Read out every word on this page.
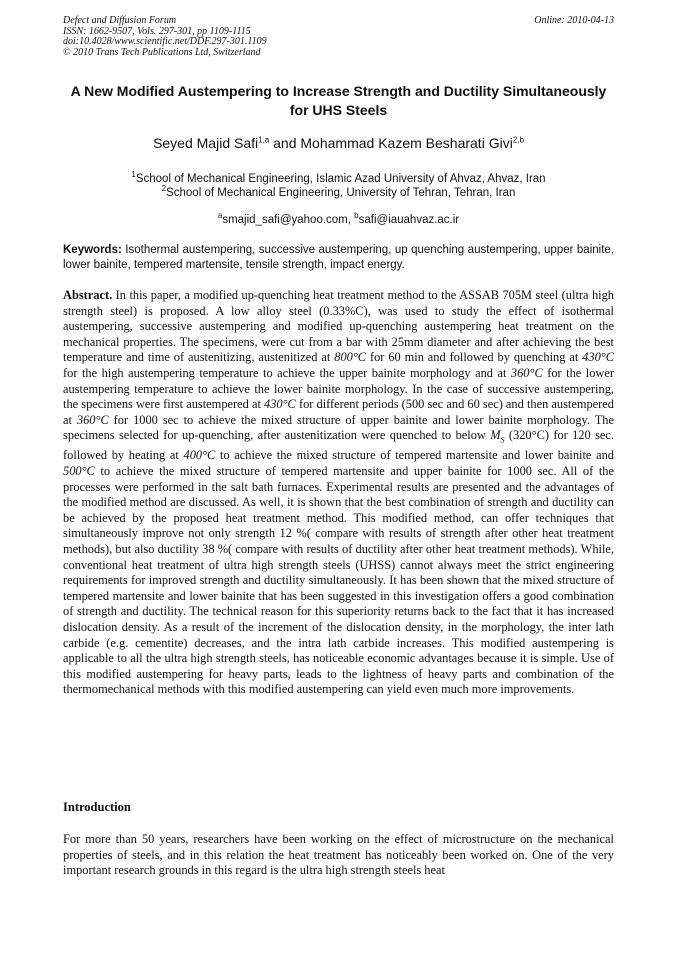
Defect and Diffusion Forum
ISSN: 1662-9507, Vols. 297-301, pp 1109-1115
doi:10.4028/www.scientific.net/DDF.297-301.1109
© 2010 Trans Tech Publications Ltd, Switzerland
Online: 2010-04-13
A New Modified Austempering to Increase Strength and Ductility Simultaneously for UHS Steels
Seyed Majid Safi$^{1,a}$ and Mohammad Kazem Besharati Givi$^{2,b}$
$^1$School of Mechanical Engineering, Islamic Azad University of Ahvaz, Ahvaz, Iran
$^2$School of Mechanical Engineering, University of Tehran, Tehran, Iran
$^a$smajid_safi@yahoo.com, $^b$safi@iauahvaz.ac.ir
Keywords: Isothermal austempering, successive austempering, up quenching austempering, upper bainite, lower bainite, tempered martensite, tensile strength, impact energy.
Abstract. In this paper, a modified up-quenching heat treatment method to the ASSAB 705M steel (ultra high strength steel) is proposed. A low alloy steel (0.33%C), was used to study the effect of isothermal austempering, successive austempering and modified up-quenching austempering heat treatment on the mechanical properties. The specimens, were cut from a bar with 25mm diameter and after achieving the best temperature and time of austenitizing, austenitized at 800°C for 60 min and followed by quenching at 430°C for the high austempering temperature to achieve the upper bainite morphology and at 360°C for the lower austempering temperature to achieve the lower bainite morphology. In the case of successive austempering, the specimens were first austempered at 430°C for different periods (500 sec and 60 sec) and then austempered at 360°C for 1000 sec to achieve the mixed structure of upper bainite and lower bainite morphology. The specimens selected for up-quenching, after austenitization were quenched to below $M_S$ (320°C) for 120 sec. followed by heating at 400°C to achieve the mixed structure of tempered martensite and lower bainite and 500°C to achieve the mixed structure of tempered martensite and upper bainite for 1000 sec. All of the processes were performed in the salt bath furnaces. Experimental results are presented and the advantages of the modified method are discussed. As well, it is shown that the best combination of strength and ductility can be achieved by the proposed heat treatment method. This modified method, can offer techniques that simultaneously improve not only strength 12 %( compare with results of strength after other heat treatment methods), but also ductility 38 %( compare with results of ductility after other heat treatment methods). While, conventional heat treatment of ultra high strength steels (UHSS) cannot always meet the strict engineering requirements for improved strength and ductility simultaneously. It has been shown that the mixed structure of tempered martensite and lower bainite that has been suggested in this investigation offers a good combination of strength and ductility. The technical reason for this superiority returns back to the fact that it has increased dislocation density. As a result of the increment of the dislocation density, in the morphology, the inter lath carbide (e.g. cementite) decreases, and the intra lath carbide increases. This modified austempering is applicable to all the ultra high strength steels, has noticeable economic advantages because it is simple. Use of this modified austempering for heavy parts, leads to the lightness of heavy parts and combination of the thermomechanical methods with this modified austempering can yield even much more improvements.
Introduction
For more than 50 years, researchers have been working on the effect of microstructure on the mechanical properties of steels, and in this relation the heat treatment has noticeably been worked on. One of the very important research grounds in this regard is the ultra high strength steels heat
